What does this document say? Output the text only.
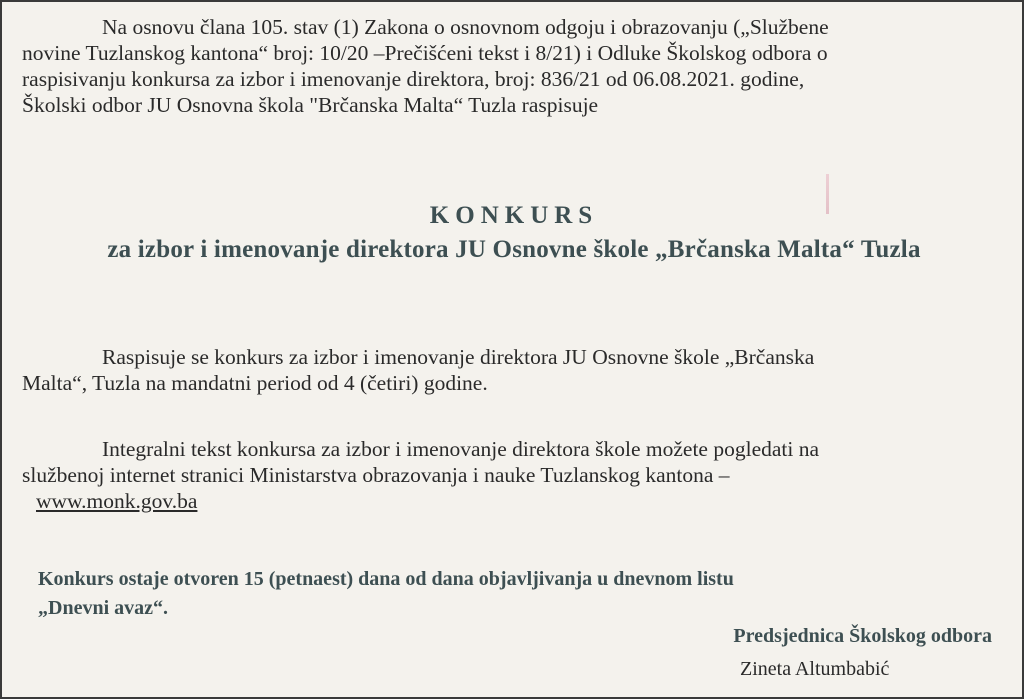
Na osnovu člana 105. stav (1) Zakona o osnovnom odgoju i obrazovanju („Službene
novine Tuzlanskog kantona“ broj: 10/20 –Prečišćeni tekst i 8/21) i Odluke Školskog odbora o
raspisivanju konkursa za izbor i imenovanje direktora, broj: 836/21 od 06.08.2021. godine,
Školski odbor JU Osnovna škola "Brčanska Malta“ Tuzla raspisuje
KONKURS
za izbor i imenovanje direktora JU Osnovne škole „Brčanska Malta“ Tuzla
Raspisuje se konkurs za izbor i imenovanje direktora JU Osnovne škole „Brčanska
Malta“, Tuzla na mandatni period od 4 (četiri) godine.
Integralni tekst konkursa za izbor i imenovanje direktora škole možete pogledati na
službenoj internet stranici Ministarstva obrazovanja i nauke Tuzlanskog kantona –
www.monk.gov.ba
Konkurs ostaje otvoren 15 (petnaest) dana od dana objavljivanja u dnevnom listu
„Dnevni avaz“.

Predsjednica Školskog odbora

Zineta Altumbabić
